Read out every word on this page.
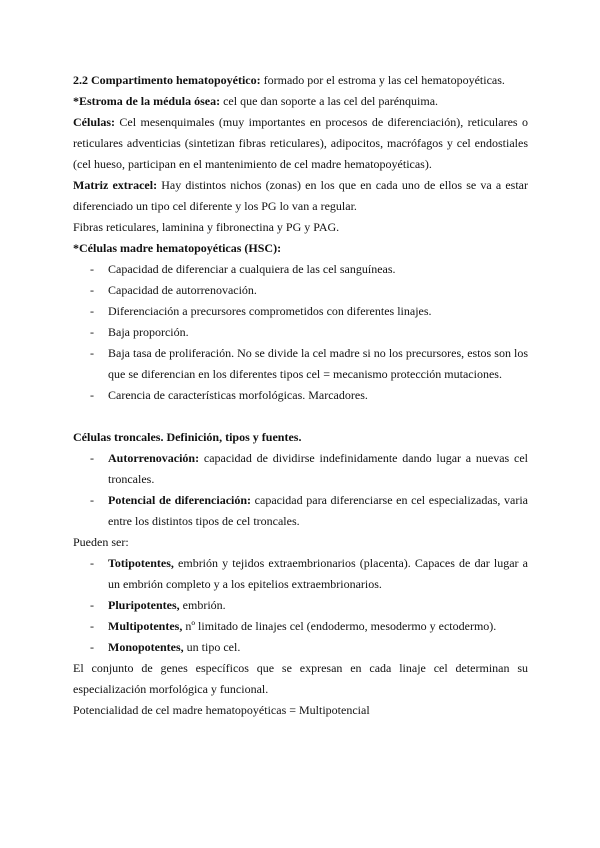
2.2 Compartimento hematopoyético: formado por el estroma y las cel hematopoyéticas.

*Estroma de la médula ósea: cel que dan soporte a las cel del parénquima.

Células: Cel mesenquimales (muy importantes en procesos de diferenciación), reticulares o reticulares adventicias (sintetizan fibras reticulares), adipocitos, macrófagos y cel endostiales (cel hueso, participan en el mantenimiento de cel madre hematopoyéticas).

Matriz extracel: Hay distintos nichos (zonas) en los que en cada uno de ellos se va a estar diferenciado un tipo cel diferente y los PG lo van a regular.

Fibras reticulares, laminina y fibronectina y PG y PAG.

*Células madre hematopoyéticas (HSC):

- Capacidad de diferenciar a cualquiera de las cel sanguíneas.
- Capacidad de autorrenovación.
- Diferenciación a precursores comprometidos con diferentes linajes.
- Baja proporción.
- Baja tasa de proliferación. No se divide la cel madre si no los precursores, estos son los que se diferencian en los diferentes tipos cel = mecanismo protección mutaciones.
- Carencia de características morfológicas. Marcadores.

Células troncales. Definición, tipos y fuentes.

- Autorrenovación: capacidad de dividirse indefinidamente dando lugar a nuevas cel troncales.
- Potencial de diferenciación: capacidad para diferenciarse en cel especializadas, varia entre los distintos tipos de cel troncales.

Pueden ser:

- Totipotentes, embrión y tejidos extraembrionarios (placenta). Capaces de dar lugar a un embrión completo y a los epitelios extraembrionarios.
- Pluripotentes, embrión.
- Multipotentes, nº limitado de linajes cel (endodermo, mesodermo y ectodermo).
- Monopotentes, un tipo cel.

El conjunto de genes específicos que se expresan en cada linaje cel determinan su especialización morfológica y funcional.

Potencialidad de cel madre hematopoyéticas = Multipotencial
